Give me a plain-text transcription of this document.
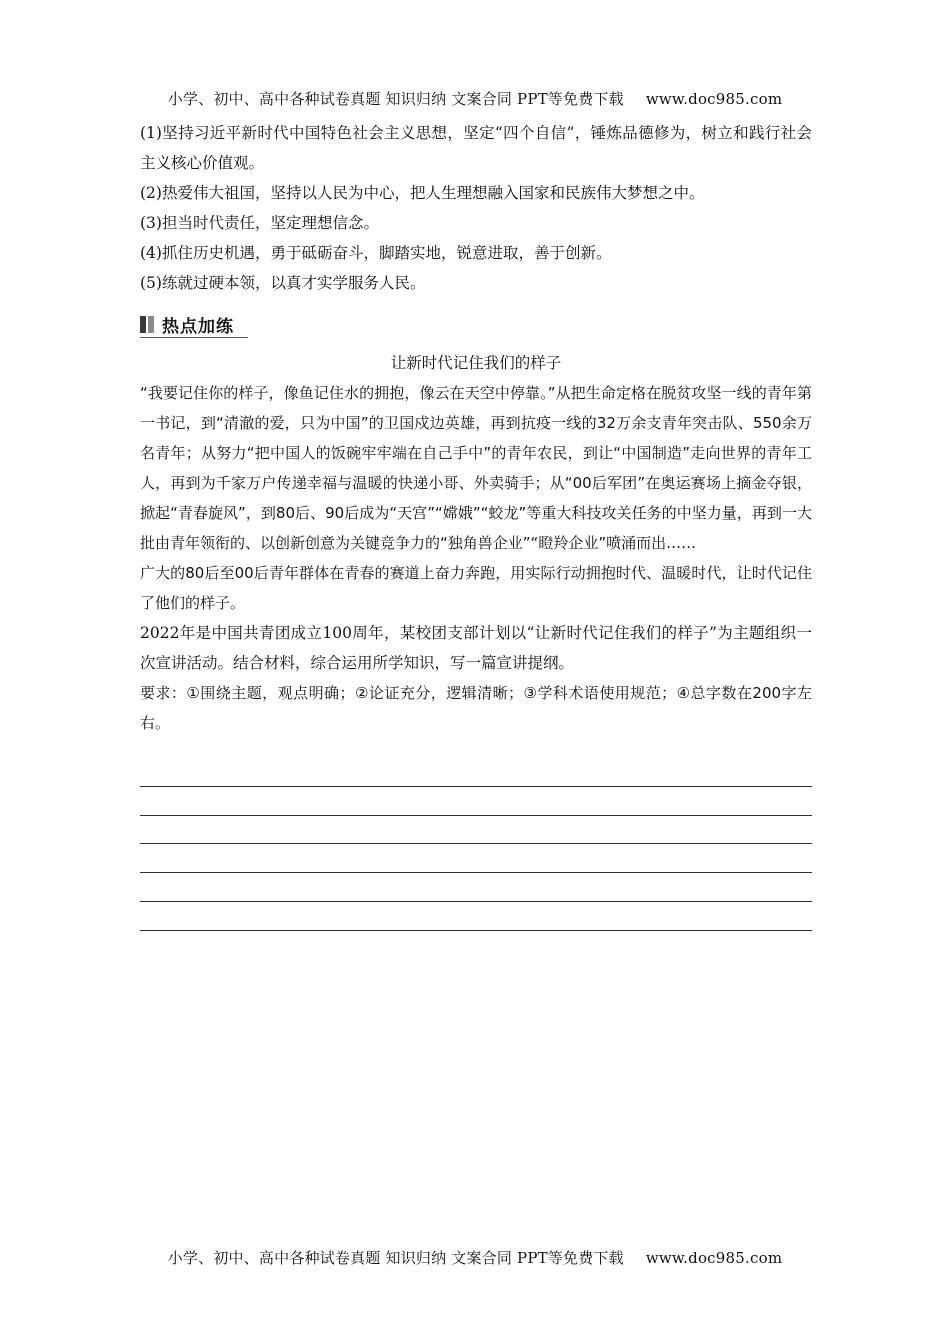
小学、初中、高中各种试卷真题 知识归纳 文案合同 PPT等免费下载 www.doc985.com

(1)坚持习近平新时代中国特色社会主义思想，坚定“四个自信”，锤炼品德修为，树立和践行社会主义核心价值观。

(2)热爱伟大祖国，坚持以人民为中心，把人生理想融入国家和民族伟大梦想之中。

(3)担当时代责任，坚定理想信念。

(4)抓住历史机遇，勇于砥砺奋斗，脚踏实地，锐意进取，善于创新。

(5)练就过硬本领，以真才实学服务人民。

热点加练
让新时代记住我们的样子

“我要记住你的样子，像鱼记住水的拥抱，像云在天空中停靠。”从把生命定格在脱贫攻坚一线的青年第一书记，到“清澈的爱，只为中国”的卫国戍边英雄，再到抗疫一线的32万余支青年突击队、550余万名青年；从努力“把中国人的饭碗牢牢端在自己手中”的青年农民，到让“中国制造”走向世界的青年工人，再到为千家万户传递幸福与温暖的快递小哥、外卖骑手；从“00后军团”在奥运赛场上摘金夺银，掀起“青春旋风”，到80后、90后成为“天宫”“嫦娥”“蛟龙”等重大科技攻关任务的中坚力量，再到一大批由青年领衔的、以创新创意为关键竞争力的“独角兽企业”“瞪羚企业”喷涌而出……

广大的80后至00后青年群体在青春的赛道上奋力奔跑，用实际行动拥抱时代、温暖时代，让时代记住了他们的样子。

2022年是中国共青团成立100周年，某校团支部计划以“让新时代记住我们的样子”为主题组织一次宣讲活动。结合材料，综合运用所学知识，写一篇宣讲提纲。

要求：①围绕主题，观点明确；②论证充分，逻辑清晰；③学科术语使用规范；④总字数在200字左右。

小学、初中、高中各种试卷真题 知识归纳 文案合同 PPT等免费下载 www.doc985.com
